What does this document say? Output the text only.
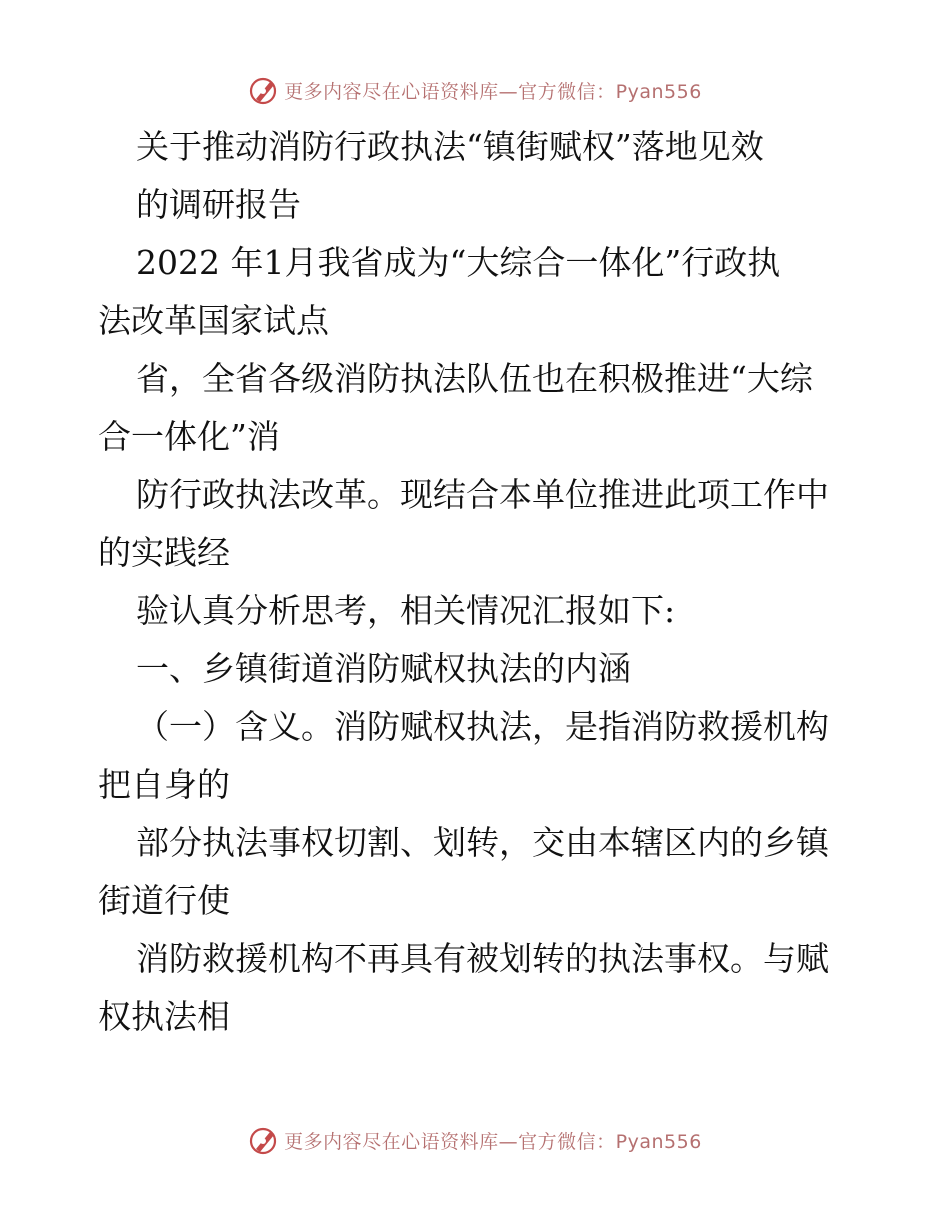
更多内容尽在心语资料库—官方微信：Pyan556

关于推动消防行政执法“镇街赋权”落地见效

的调研报告

2022 年1月我省成为“大综合一体化”行政执

法改革国家试点

省，全省各级消防执法队伍也在积极推进“大综

合一体化”消

防行政执法改革。现结合本单位推进此项工作中

的实践经

验认真分析思考，相关情况汇报如下:

一、乡镇街道消防赋权执法的内涵

（一）含义。消防赋权执法，是指消防救援机构

把自身的

部分执法事权切割、划转，交由本辖区内的乡镇

街道行使

消防救援机构不再具有被划转的执法事权。与赋

权执法相

更多内容尽在心语资料库—官方微信：Pyan556
